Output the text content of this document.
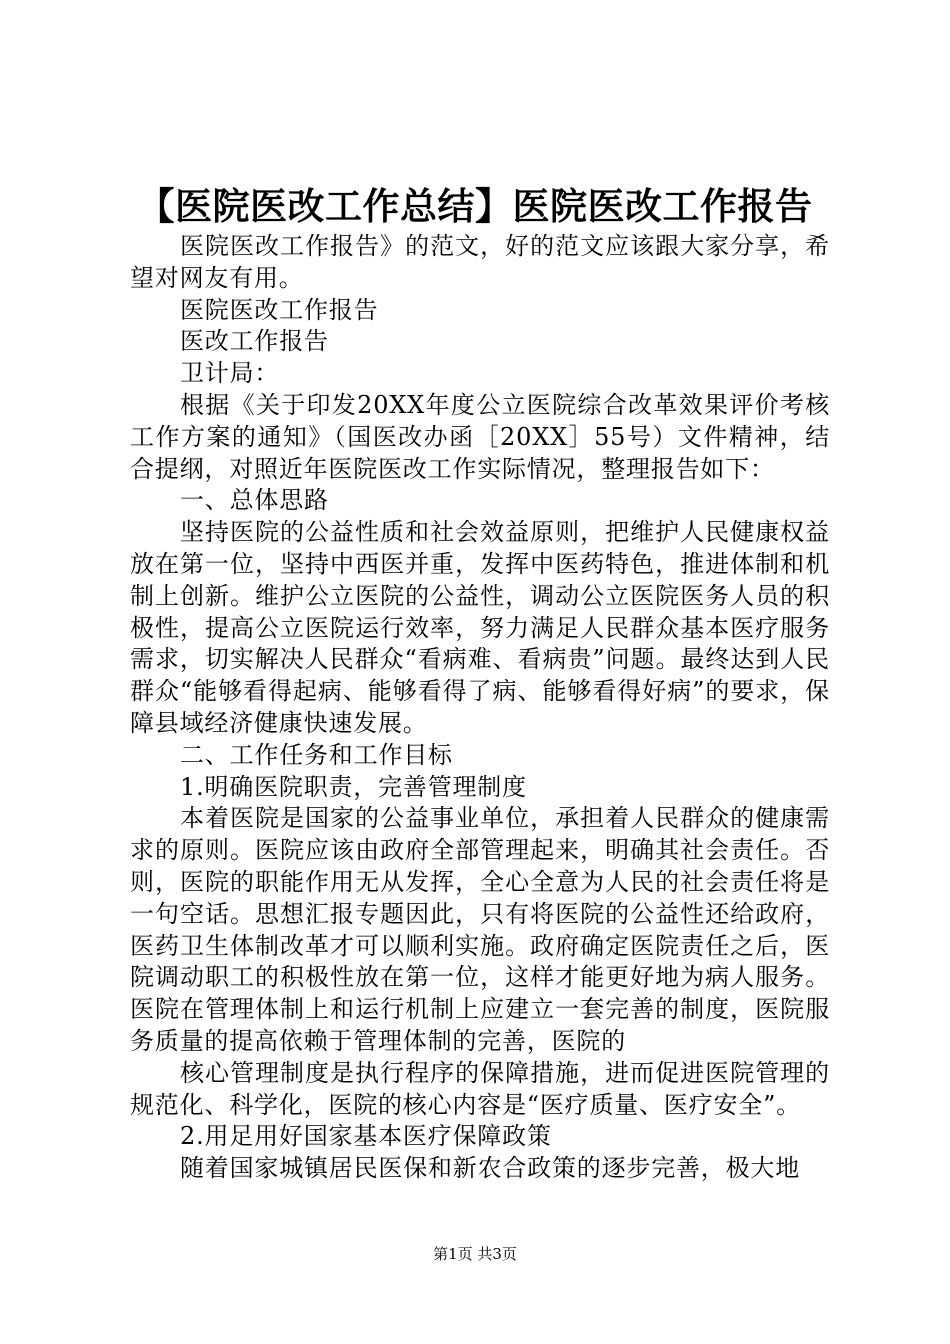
【医院医改工作总结】医院医改工作报告

医院医改工作报告》的范文，好的范文应该跟大家分享，希望对网友有用。

医院医改工作报告

医改工作报告

卫计局：

根据《关于印发20XX年度公立医院综合改革效果评价考核工作方案的通知》（国医改办函［20XX］55号）文件精神，结合提纲，对照近年医院医改工作实际情况，整理报告如下：

一、总体思路

坚持医院的公益性质和社会效益原则，把维护人民健康权益放在第一位，坚持中西医并重，发挥中医药特色，推进体制和机制上创新。维护公立医院的公益性，调动公立医院医务人员的积极性，提高公立医院运行效率，努力满足人民群众基本医疗服务需求，切实解决人民群众“看病难、看病贵”问题。最终达到人民群众“能够看得起病、能够看得了病、能够看得好病”的要求，保障县域经济健康快速发展。

二、工作任务和工作目标

1.明确医院职责，完善管理制度

本着医院是国家的公益事业单位，承担着人民群众的健康需求的原则。医院应该由政府全部管理起来，明确其社会责任。否则，医院的职能作用无从发挥，全心全意为人民的社会责任将是一句空话。思想汇报专题因此，只有将医院的公益性还给政府，医药卫生体制改革才可以顺利实施。政府确定医院责任之后，医院调动职工的积极性放在第一位，这样才能更好地为病人服务。医院在管理体制上和运行机制上应建立一套完善的制度，医院服务质量的提高依赖于管理体制的完善，医院的

核心管理制度是执行程序的保障措施，进而促进医院管理的规范化、科学化，医院的核心内容是“医疗质量、医疗安全”。

2.用足用好国家基本医疗保障政策

随着国家城镇居民医保和新农合政策的逐步完善，极大地

第1页 共3页
